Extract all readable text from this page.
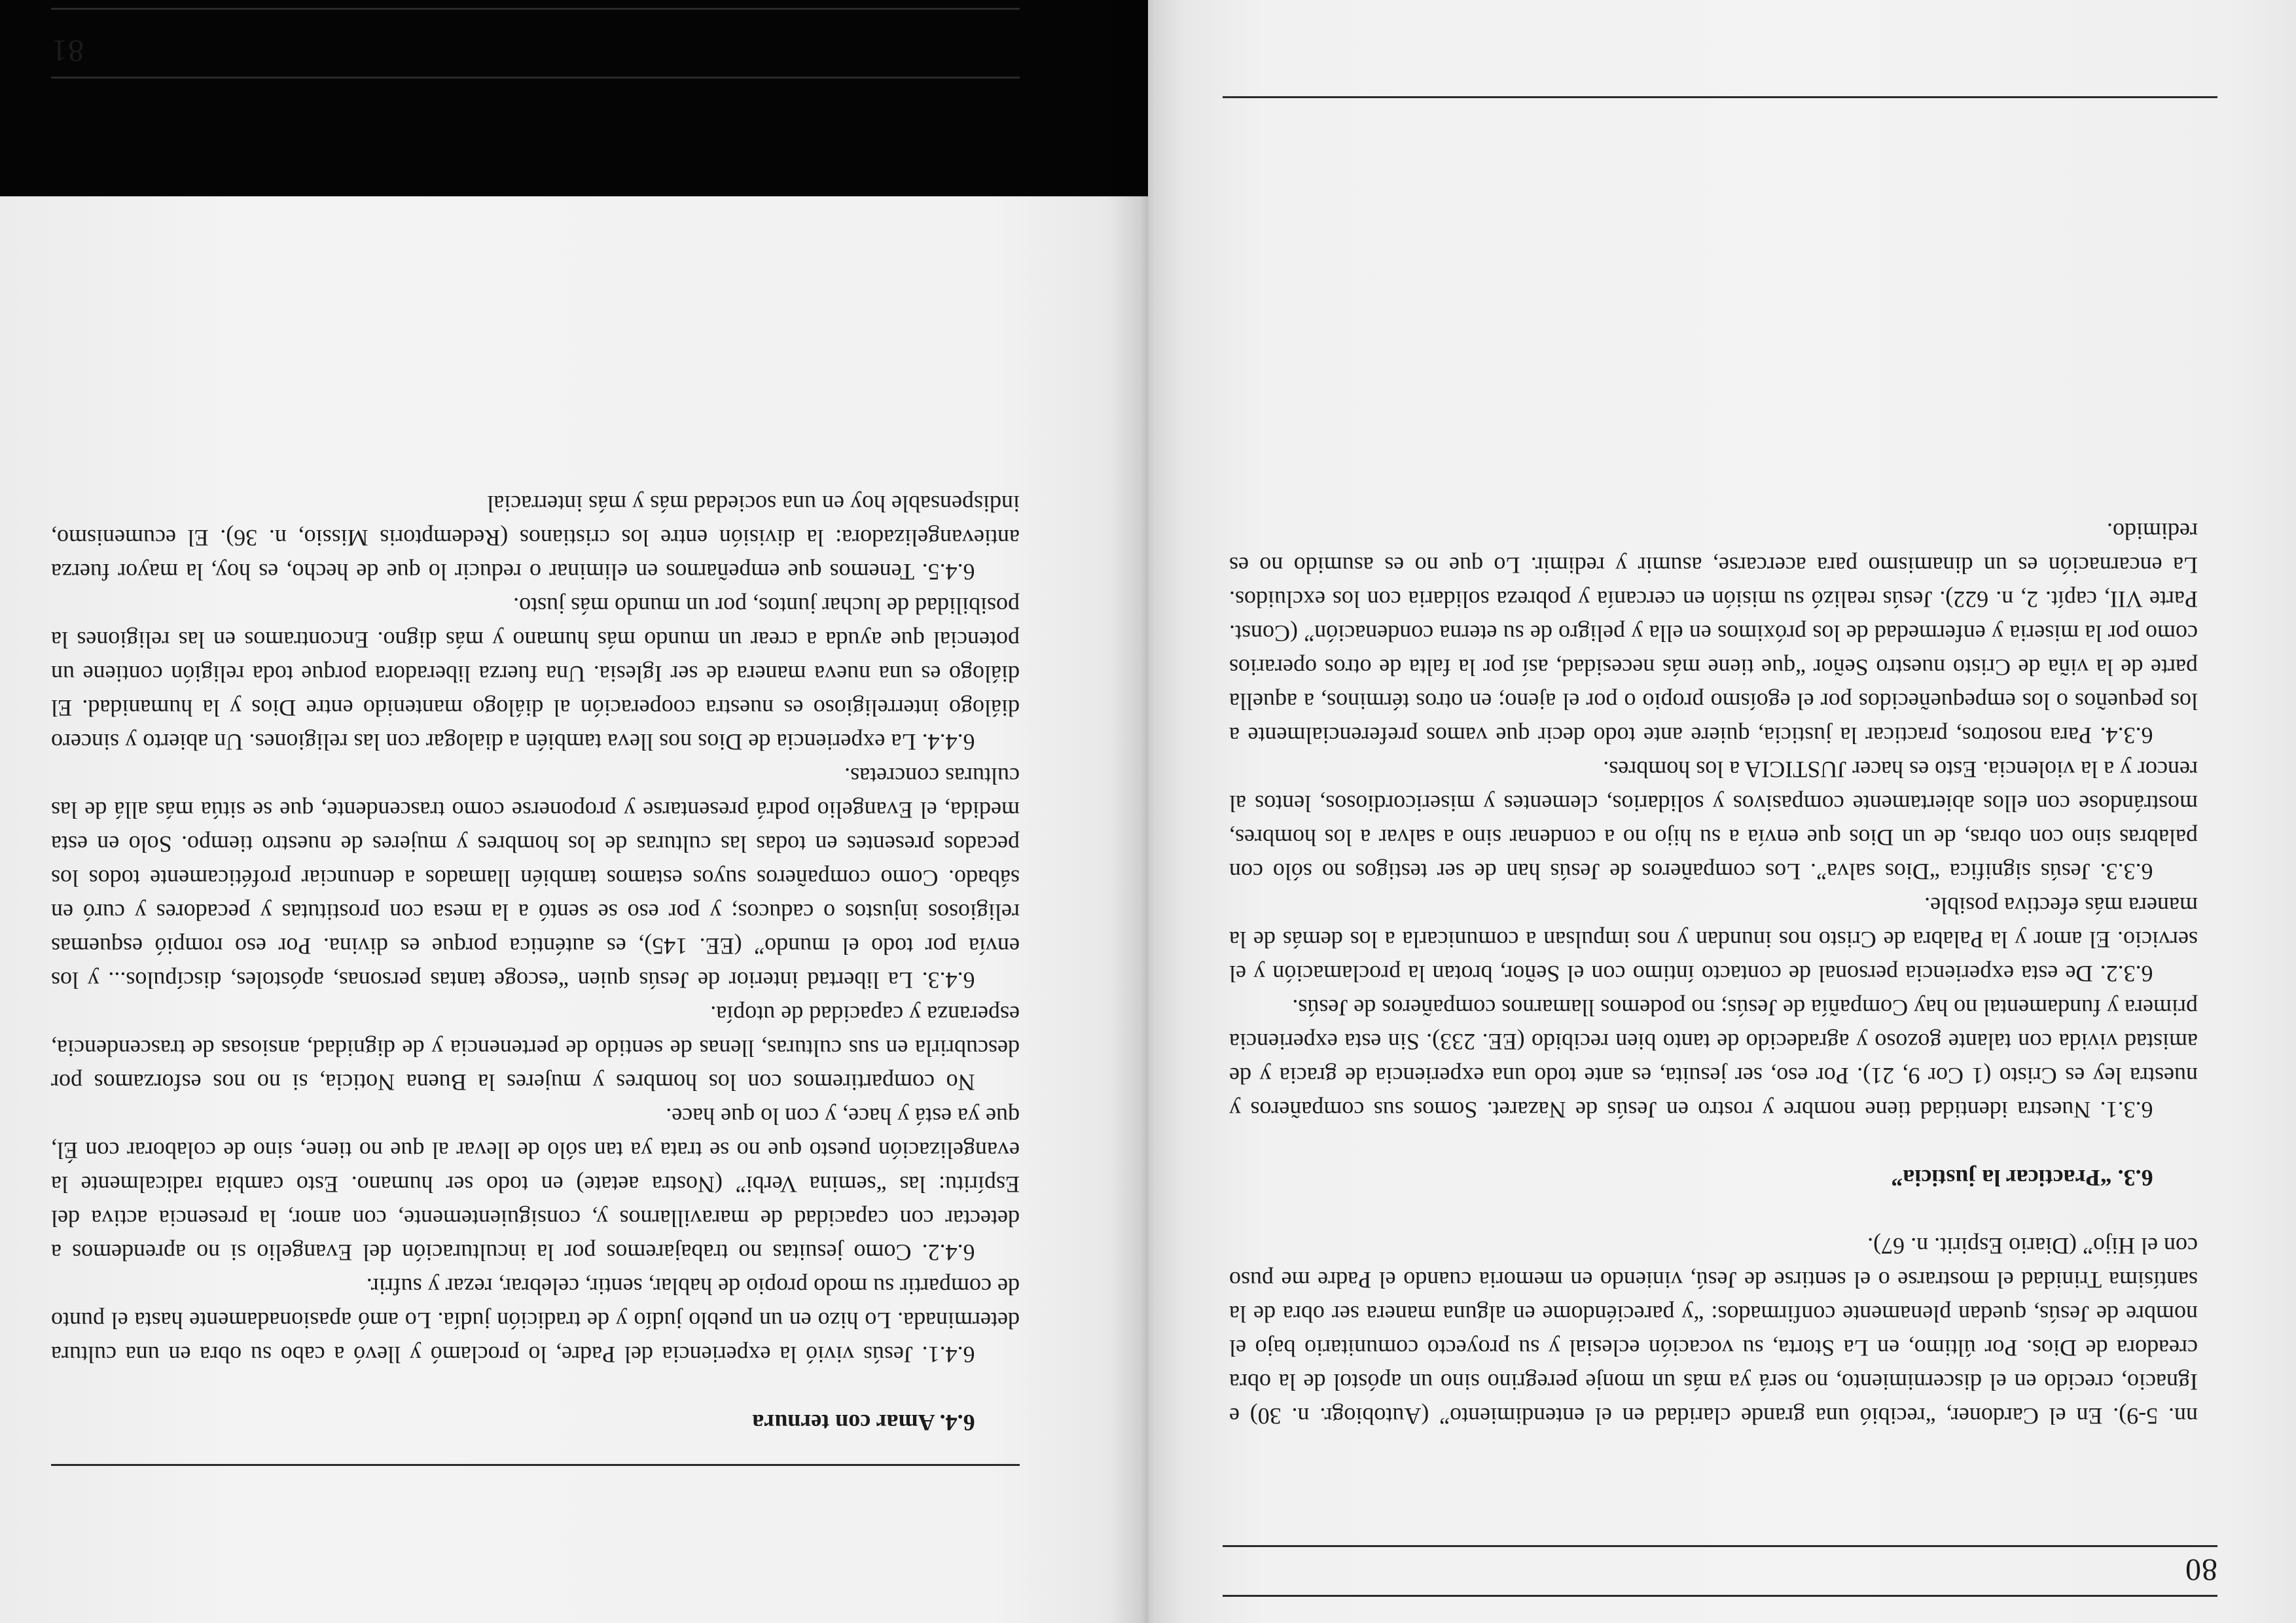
80

nn. 5-9). En el Cardoner, “recibió una grande claridad en el entendimiento” (Autobiogr. n. 30) e Ignacio, crecido en el discernimiento, no será ya más un monje peregrino sino un apóstol de la obra creadora de Dios. Por último, en La Storta, su vocación eclesial y su proyecto comunitario bajo el nombre de Jesús, quedan plenamente confirmados: “y pareciéndome en alguna manera ser obra de la santísima Trinidad el mostrarse o el sentirse de Jesú, viniendo en memoria cuando el Padre me puso con el Hijo” (Diario Espirit. n. 67).

6.3. “Practicar la justicia”

6.3.1. Nuestra identidad tiene nombre y rostro en Jesús de Nazaret. Somos sus compañeros y nuestra ley es Cristo (1 Cor 9, 21). Por eso, ser jesuita, es ante todo una experiencia de gracia y de amistad vivida con talante gozoso y agradecido de tanto bien recibido (EE. 233). Sin esta experiencia primera y fundamental no hay Compañía de Jesús; no podemos llamarnos compañeros de Jesús.

6.3.2. De esta experiencia personal de contacto íntimo con el Señor, brotan la proclamación y el servicio. El amor y la Palabra de Cristo nos inundan y nos impulsan a comunicarla a los demás de la manera más efectiva posible.

6.3.3. Jesús significa “Dios salva”. Los compañeros de Jesús han de ser testigos no sólo con palabras sino con obras, de un Dios que envía a su hijo no a condenar sino a salvar a los hombres, mostrándose con ellos abiertamente compasivos y solidarios, clementes y misericordiosos, lentos al rencor y a la violencia. Esto es hacer JUSTICIA a los hombres.

6.3.4. Para nosotros, practicar la justicia, quiere ante todo decir que vamos preferencialmente a los pequeños o los empequeñecidos por el egoísmo propio o por el ajeno; en otros términos, a aquella parte de la viña de Cristo nuestro Señor “que tiene más necesidad, así por la falta de otros operarios como por la miseria y enfermedad de los próximos en ella y peligro de su eterna condenación” (Const. Parte VII, capít. 2, n. 622). Jesús realizó su misión en cercanía y pobreza solidaria con los excluidos. La encarnación es un dinamismo para acercarse, asumir y redimir. Lo que no es asumido no es redimido.

81
6.4. Amar con ternura

6.4.1. Jesús vivió la experiencia del Padre, lo proclamó y llevó a cabo su obra en una cultura determinada. Lo hizo en un pueblo judío y de tradición judía. Lo amó apasionadamente hasta el punto de compartir su modo propio de hablar, sentir, celebrar, rezar y sufrir.

6.4.2. Como jesuitas no trabajaremos por la inculturación del Evangelio si no aprendemos a detectar con capacidad de maravillarnos y, consiguientemente, con amor, la presencia activa del Espíritu: las “semina Verbi” (Nostra aetate) en todo ser humano. Esto cambia radicalmente la evangelización puesto que no se trata ya tan sólo de llevar al que no tiene, sino de colaborar con Él, que ya está y hace, y con lo que hace.

No compartiremos con los hombres y mujeres la Buena Noticia, si no nos esforzamos por descubrirla en sus culturas, llenas de sentido de pertenencia y de dignidad, ansiosas de trascendencia, esperanza y capacidad de utopía.

6.4.3. La libertad interior de Jesús quien “escoge tantas personas, apóstoles, discípulos... y los envía por todo el mundo” (EE. 145), es auténtica porque es divina. Por eso rompió esquemas religiosos injustos o caducos; y por eso se sentó a la mesa con prostitutas y pecadores y curó en sábado. Como compañeros suyos estamos también llamados a denunciar proféticamente todos los pecados presentes en todas las culturas de los hombres y mujeres de nuestro tiempo. Solo en esta medida, el Evangelio podrá presentarse y proponerse como trascendente, que se sitúa más allá de las culturas concretas.

6.4.4. La experiencia de Dios nos lleva también a dialogar con las religiones. Un abierto y sincero diálogo interreligioso es nuestra cooperación al diálogo mantenido entre Dios y la humanidad. El diálogo es una nueva manera de ser Iglesia. Una fuerza liberadora porque toda religión contiene un potencial que ayuda a crear un mundo más humano y más digno. Encontramos en las religiones la posibilidad de luchar juntos, por un mundo más justo.

6.4.5. Tenemos que empeñarnos en eliminar o reducir lo que de hecho, es hoy, la mayor fuerza antievangelizadora: la división entre los cristianos (Redemptoris Missio, n. 36). El ecumenismo, indispensable hoy en una sociedad más y más interracial
